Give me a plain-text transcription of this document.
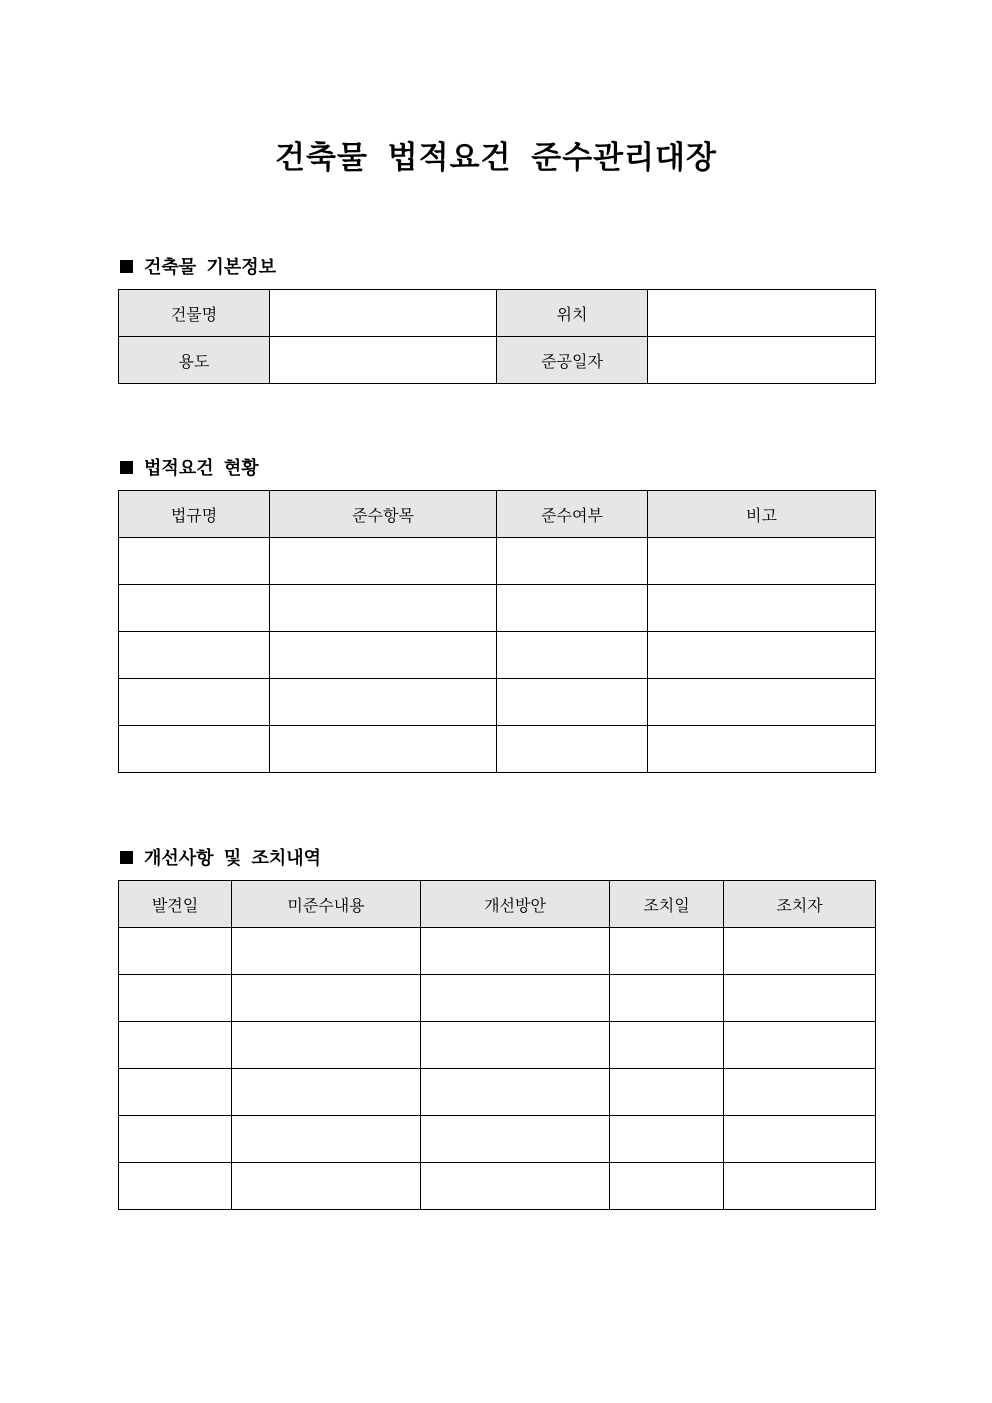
건축물 법적요건 준수관리대장
건축물 기본정보
건물명		위치	
용도		준공일자	
법적요건 현황
법규명	준수항목	준수여부	비고

개선사항 및 조치내역
발견일	미준수내용	개선방안	조치일	조치자
